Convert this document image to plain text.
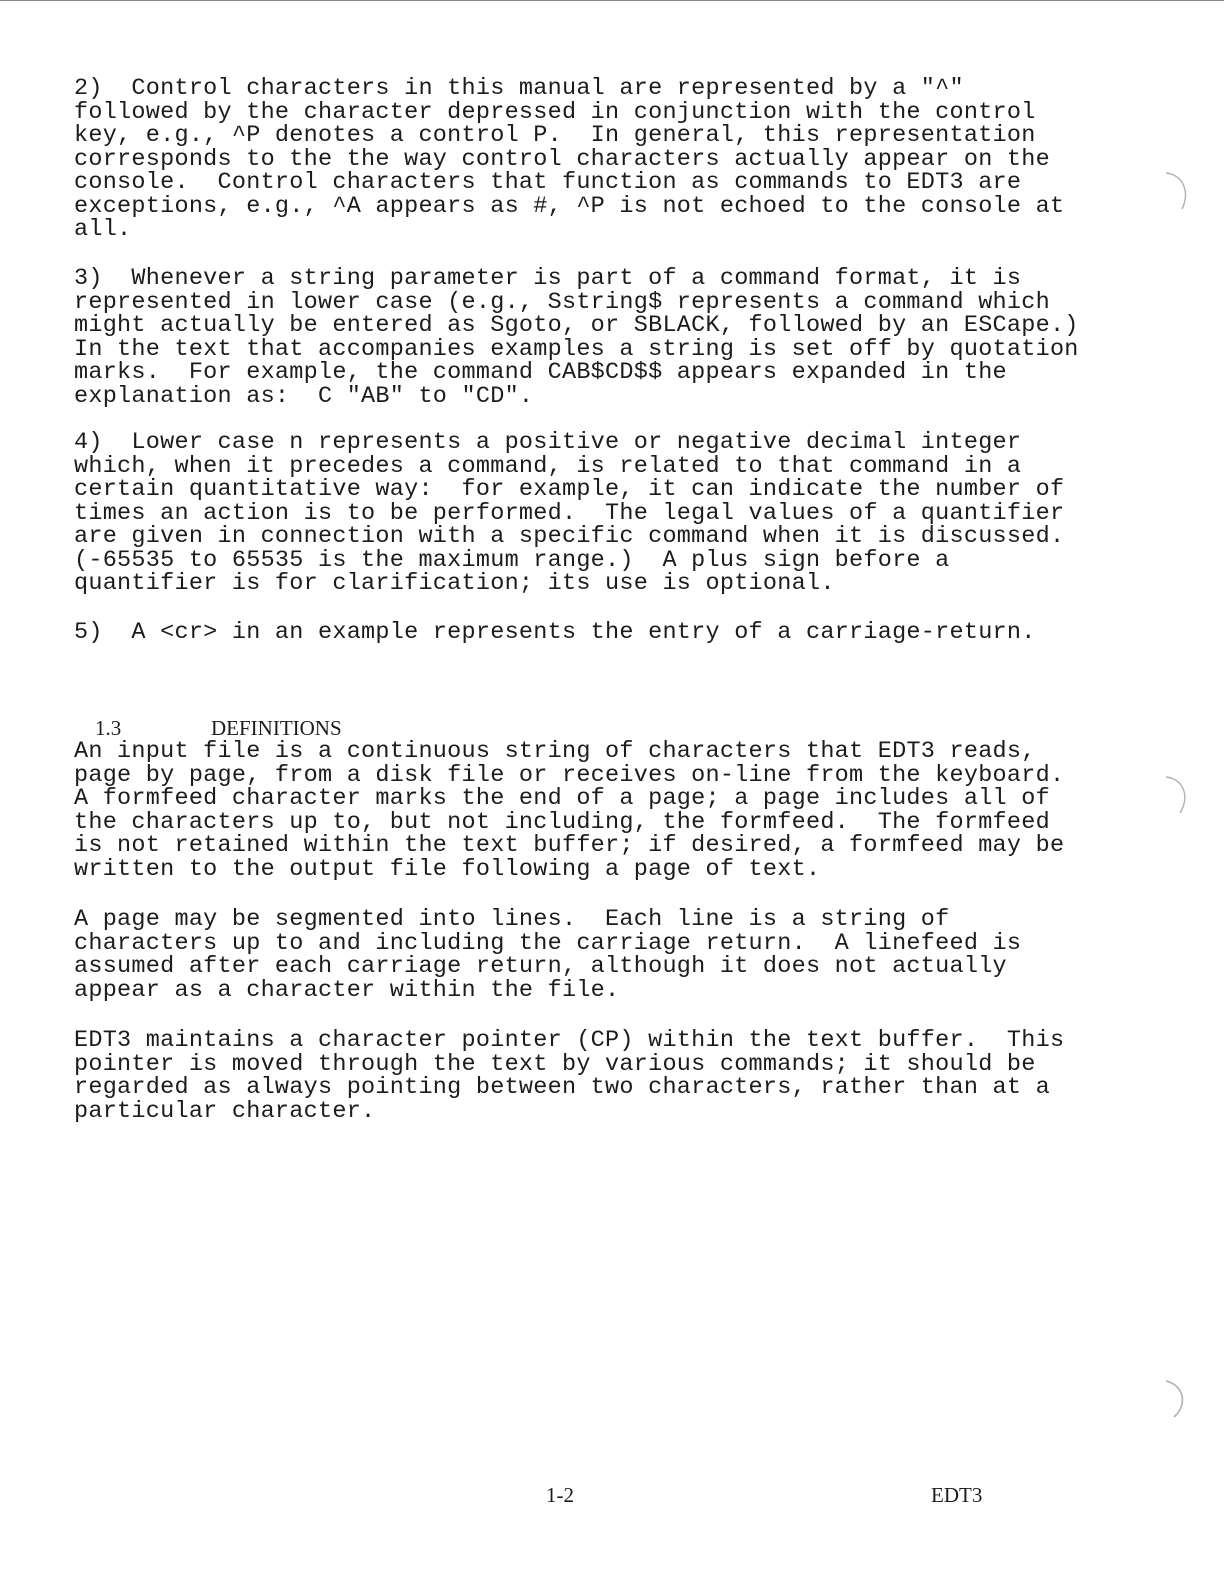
2)  Control characters in this manual are represented by a "^"
followed by the character depressed in conjunction with the control
key, e.g., ^P denotes a control P.  In general, this representation
corresponds to the the way control characters actually appear on the
console.  Control characters that function as commands to EDT3 are
exceptions, e.g., ^A appears as #, ^P is not echoed to the console at
all.

3)  Whenever a string parameter is part of a command format, it is
represented in lower case (e.g., Sstring$ represents a command which
might actually be entered as Sgoto, or SBLACK, followed by an ESCape.)
In the text that accompanies examples a string is set off by quotation
marks.  For example, the command CAB$CD$$ appears expanded in the
explanation as:  C "AB" to "CD".

4)  Lower case n represents a positive or negative decimal integer
which, when it precedes a command, is related to that command in a
certain quantitative way:  for example, it can indicate the number of
times an action is to be performed.  The legal values of a quantifier
are given in connection with a specific command when it is discussed.
(-65535 to 65535 is the maximum range.)  A plus sign before a
quantifier is for clarification; its use is optional.

5)  A <cr> in an example represents the entry of a carriage-return.

1.3	DEFINITIONS

An input file is a continuous string of characters that EDT3 reads,
page by page, from a disk file or receives on-line from the keyboard.
A formfeed character marks the end of a page; a page includes all of
the characters up to, but not including, the formfeed.  The formfeed
is not retained within the text buffer; if desired, a formfeed may be
written to the output file following a page of text.

A page may be segmented into lines.  Each line is a string of
characters up to and including the carriage return.  A linefeed is
assumed after each carriage return, although it does not actually
appear as a character within the file.

EDT3 maintains a character pointer (CP) within the text buffer.  This
pointer is moved through the text by various commands; it should be
regarded as always pointing between two characters, rather than at a
particular character.

1-2	EDT3
